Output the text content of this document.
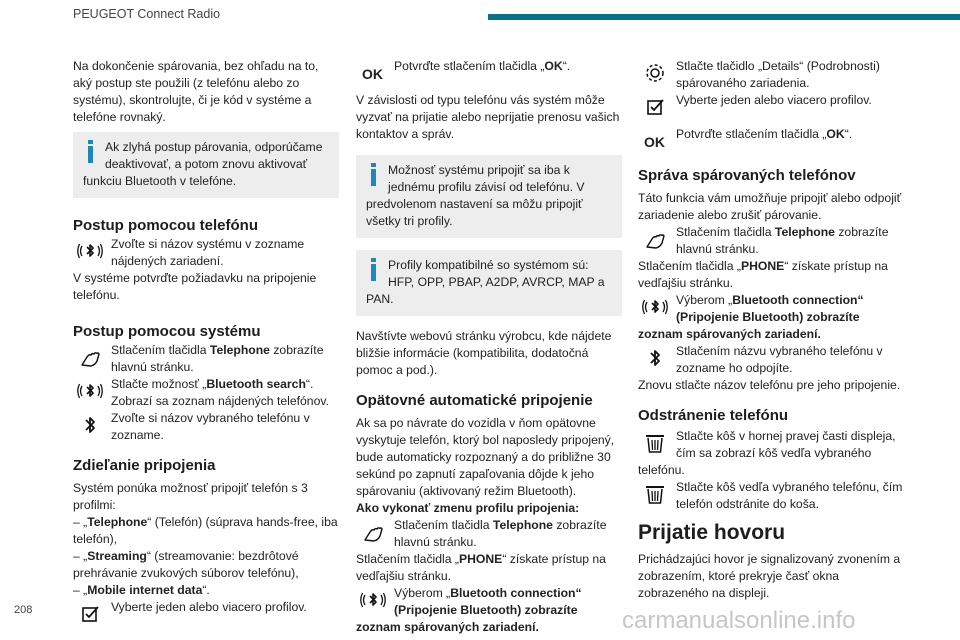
PEUGEOT Connect Radio

Na dokončenie spárovania, bez ohľadu na to, aký postup ste použili (z telefónu alebo zo systému), skontrolujte, či je kód v systéme a telefóne rovnaký.

Ak zlyhá postup párovania, odporúčame deaktivovať, a potom znovu aktivovať funkciu Bluetooth v telefóne.
Postup pomocou telefónu
Zvoľte si názov systému v zozname nájdených zariadení.

V systéme potvrďte požiadavku na pripojenie telefónu.

Postup pomocou systému
Stlačením tlačidla Telephone zobrazíte hlavnú stránku.
Stlačte možnosť „Bluetooth search“. Zobrazí sa zoznam nájdených telefónov.
Zvoľte si názov vybraného telefónu v zozname.
Zdieľanie pripojenia

Systém ponúka možnosť pripojiť telefón s 3 profilmi:

– „Telephone“ (Telefón) (súprava hands-free, iba telefón),

– „Streaming“ (streamovanie: bezdrôtové prehrávanie zvukových súborov telefónu),

– „Mobile internet data“.

Vyberte jeden alebo viacero profilov.
OK Potvrďte stlačením tlačidla „OK“.

V závislosti od typu telefónu vás systém môže vyzvať na prijatie alebo neprijatie prenosu vašich kontaktov a správ.

Možnosť systému pripojiť sa iba k jednému profilu závisí od telefónu. V predvolenom nastavení sa môžu pripojiť všetky tri profily.
Profily kompatibilné so systémom sú: HFP, OPP, PBAP, A2DP, AVRCP, MAP a PAN.

Navštívte webovú stránku výrobcu, kde nájdete bližšie informácie (kompatibilita, dodatočná pomoc a pod.).

Opätovné automatické pripojenie

Ak sa po návrate do vozidla v ňom opätovne vyskytuje telefón, ktorý bol naposledy pripojený, bude automaticky rozpoznaný a do približne 30 sekúnd po zapnutí zapaľovania dôjde k jeho spárovaniu (aktivovaný režim Bluetooth).

Ako vykonať zmenu profilu pripojenia:

Stlačením tlačidla Telephone zobrazíte hlavnú stránku.

Stlačením tlačidla „PHONE“ získate prístup na vedľajšiu stránku.

Výberom „Bluetooth connection“ (Pripojenie Bluetooth) zobrazíte zoznam spárovaných zariadení.
Stlačte tlačidlo „Details“ (Podrobnosti) spárovaného zariadenia.
Vyberte jeden alebo viacero profilov.
OK Potvrďte stlačením tlačidla „OK“.
Správa spárovaných telefónov

Táto funkcia vám umožňuje pripojiť alebo odpojiť zariadenie alebo zrušiť párovanie.

Stlačením tlačidla Telephone zobrazíte hlavnú stránku.

Stlačením tlačidla „PHONE“ získate prístup na vedľajšiu stránku.

Výberom „Bluetooth connection“ (Pripojenie Bluetooth) zobrazíte zoznam spárovaných zariadení.
Stlačením názvu vybraného telefónu v zozname ho odpojíte.

Znovu stlačte názov telefónu pre jeho pripojenie.

Odstránenie telefónu
Stlačte kôš v hornej pravej časti displeja, čím sa zobrazí kôš vedľa vybraného telefónu.
Stlačte kôš vedľa vybraného telefónu, čím telefón odstránite do koša.
Prijatie hovoru

Prichádzajúci hovor je signalizovaný zvonením a zobrazením, ktoré prekryje časť okna zobrazeného na displeji.

208	carmanualsonline.info
